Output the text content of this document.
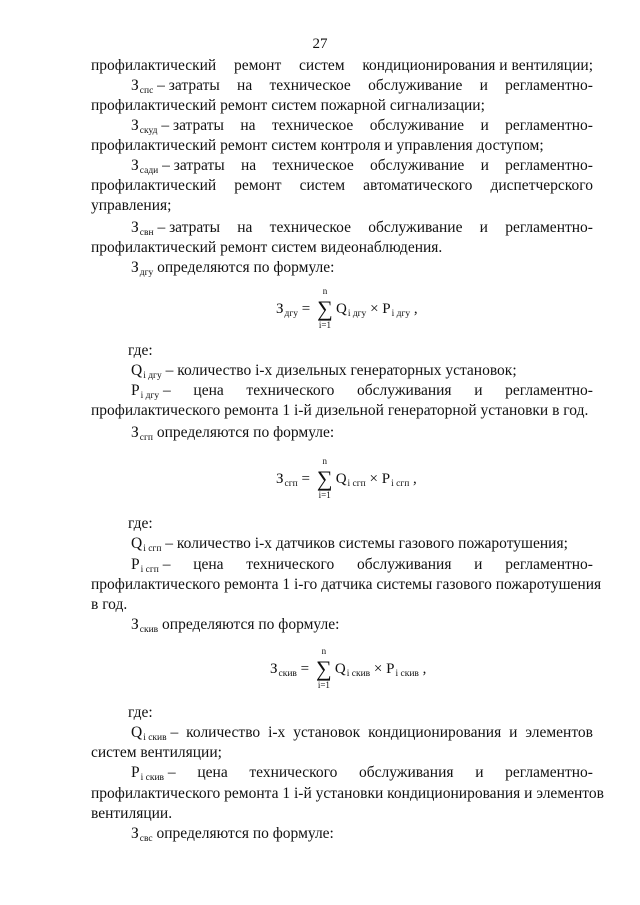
27
профилактический ремонт систем кондиционирования и вентиляции;
$З_{спс}$ – затраты на техническое обслуживание и регламентно-
профилактический ремонт систем пожарной сигнализации;
$З_{скуд}$ – затраты на техническое обслуживание и регламентно-
профилактический ремонт систем контроля и управления доступом;
$З_{сади}$ – затраты на техническое обслуживание и регламентно-
профилактический ремонт систем автоматического диспетчерского
управления;
$З_{свн}$ – затраты на техническое обслуживание и регламентно-
профилактический ремонт систем видеонаблюдения.
$З_{дгу}$ определяются по формуле:
$З_{дгу}$ = ∑
n
i=1
$Q_{i дгу} \times P_{i дгу}$ ,
где:
$Q_{i дгу}$ – количество i-х дизельных генераторных установок;
$P_{i дгу}$ – цена технического обслуживания и регламентно-
профилактического ремонта 1 i-й дизельной генераторной установки в год.
$З_{сгп}$ определяются по формуле:
$З_{сгп}$ = ∑
n
i=1
$Q_{i сгп} \times P_{i сгп}$ ,
где:
$Q_{i сгп}$ – количество i-х датчиков системы газового пожаротушения;
$P_{i сгп}$ – цена технического обслуживания и регламентно-
профилактического ремонта 1 i-го датчика системы газового пожаротушения
в год.
$З_{скив}$ определяются по формуле:
$З_{скив}$ = ∑
n
i=1
$Q_{i скив} \times P_{i скив}$ ,
где:
$Q_{i скив}$ – количество i-х установок кондиционирования и элементов
систем вентиляции;
$P_{i скив}$ – цена технического обслуживания и регламентно-
профилактического ремонта 1 i-й установки кондиционирования и элементов
вентиляции.
$З_{свс}$ определяются по формуле:
